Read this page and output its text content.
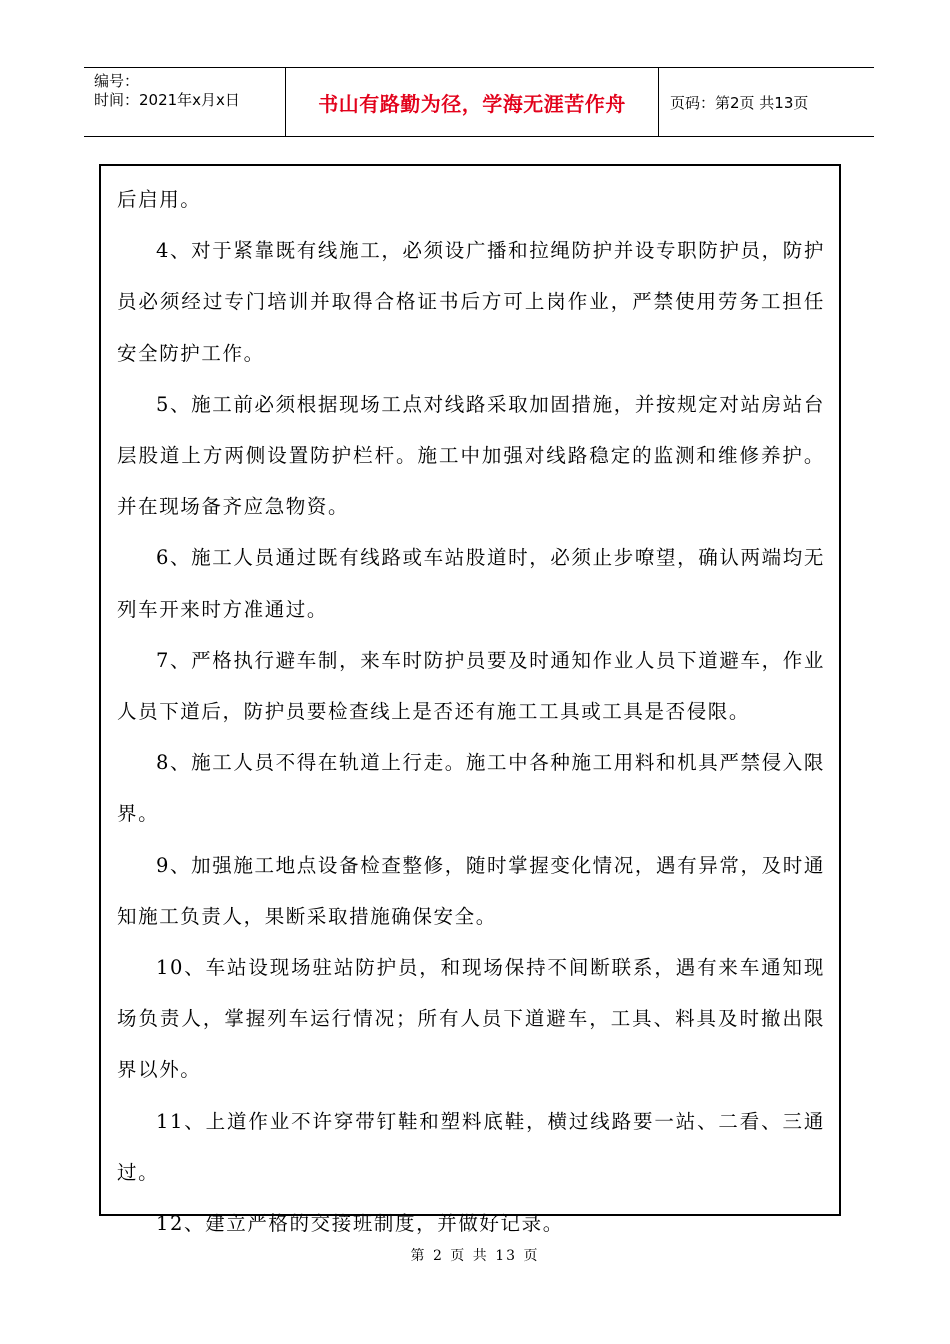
编号：
时间：2021年x月x日	书山有路勤为径，学海无涯苦作舟	页码：第2页 共13页

后启用。

4、对于紧靠既有线施工，必须设广播和拉绳防护并设专职防护员，防护员必须经过专门培训并取得合格证书后方可上岗作业，严禁使用劳务工担任安全防护工作。

5、施工前必须根据现场工点对线路采取加固措施，并按规定对站房站台层股道上方两侧设置防护栏杆。施工中加强对线路稳定的监测和维修养护。并在现场备齐应急物资。

6、施工人员通过既有线路或车站股道时，必须止步嘹望，确认两端均无列车开来时方准通过。

7、严格执行避车制，来车时防护员要及时通知作业人员下道避车，作业人员下道后，防护员要检查线上是否还有施工工具或工具是否侵限。

8、施工人员不得在轨道上行走。施工中各种施工用料和机具严禁侵入限界。

9、加强施工地点设备检查整修，随时掌握变化情况，遇有异常，及时通知施工负责人，果断采取措施确保安全。

10、车站设现场驻站防护员，和现场保持不间断联系，遇有来车通知现场负责人，掌握列车运行情况；所有人员下道避车，工具、料具及时撤出限界以外。

11、上道作业不许穿带钉鞋和塑料底鞋，横过线路要一站、二看、三通过。

12、建立严格的交接班制度，并做好记录。

第 2 页 共 13 页
